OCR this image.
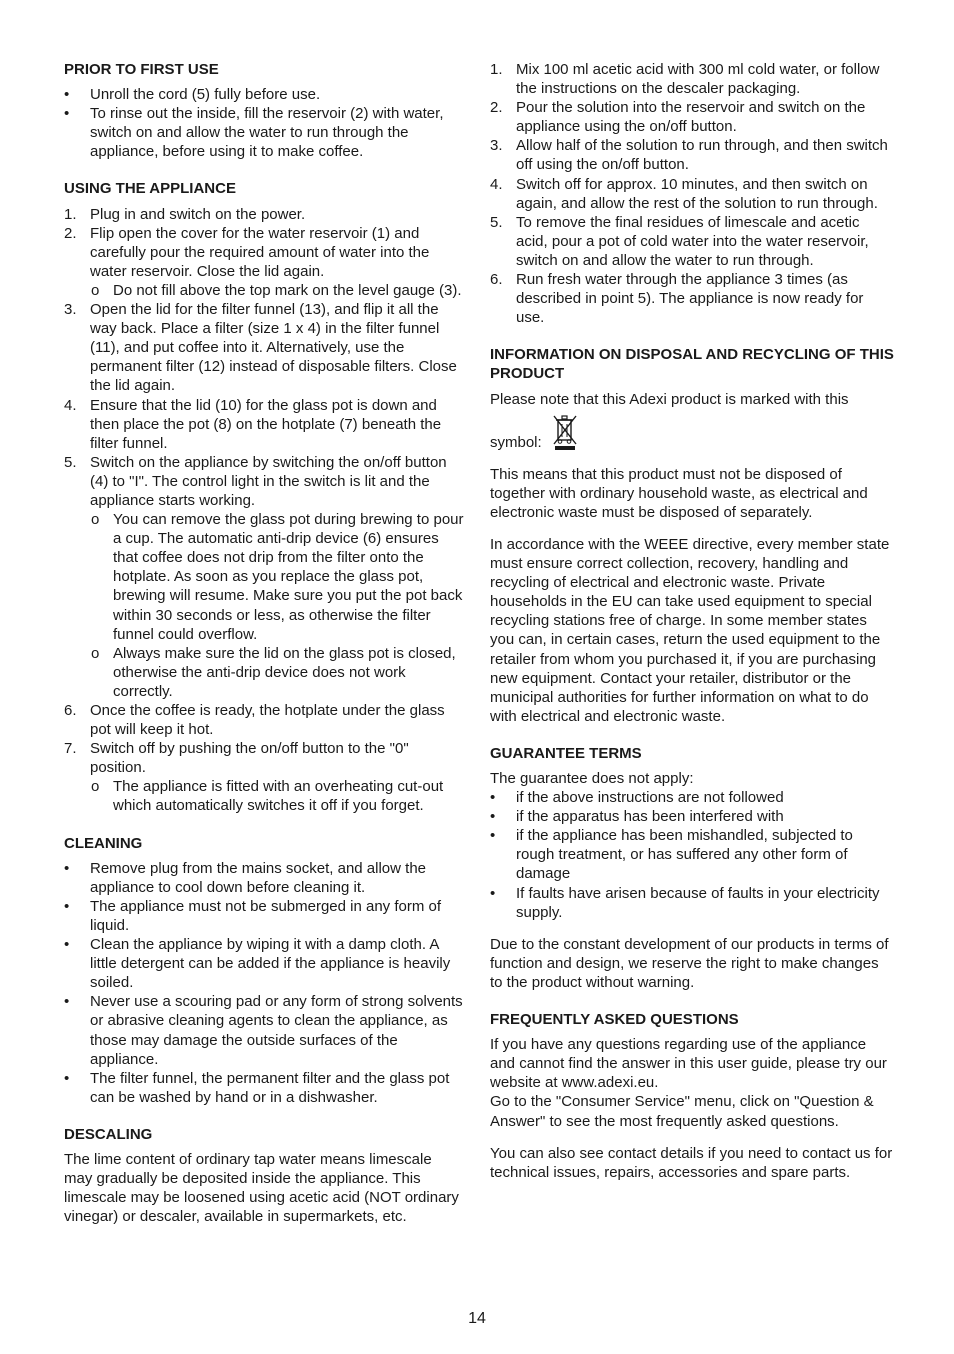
PRIOR TO FIRST USE
• Unroll the cord (5) fully before use.
• To rinse out the inside, fill the reservoir (2) with water, switch on and allow the water to run through the appliance, before using it to make coffee.
USING THE APPLIANCE
1. Plug in and switch on the power.
2. Flip open the cover for the water reservoir (1) and carefully pour the required amount of water into the water reservoir. Close the lid again.
o Do not fill above the top mark on the level gauge (3).
3. Open the lid for the filter funnel (13), and flip it all the way back. Place a filter (size 1 x 4) in the filter funnel (11), and put coffee into it. Alternatively, use the permanent filter (12) instead of disposable filters. Close the lid again.
4. Ensure that the lid (10) for the glass pot is down and then place the pot (8) on the hotplate (7) beneath the filter funnel.
5. Switch on the appliance by switching the on/off button (4) to "I". The control light in the switch is lit and the appliance starts working.
o You can remove the glass pot during brewing to pour a cup. The automatic anti-drip device (6) ensures that coffee does not drip from the filter onto the hotplate. As soon as you replace the glass pot, brewing will resume. Make sure you put the pot back within 30 seconds or less, as otherwise the filter funnel could overflow.
o Always make sure the lid on the glass pot is closed, otherwise the anti-drip device does not work correctly.
6. Once the coffee is ready, the hotplate under the glass pot will keep it hot.
7. Switch off by pushing the on/off button to the "0" position.
o The appliance is fitted with an overheating cut-out which automatically switches it off if you forget.
CLEANING
• Remove plug from the mains socket, and allow the appliance to cool down before cleaning it.
• The appliance must not be submerged in any form of liquid.
• Clean the appliance by wiping it with a damp cloth. A little detergent can be added if the appliance is heavily soiled.
• Never use a scouring pad or any form of strong solvents or abrasive cleaning agents to clean the appliance, as those may damage the outside surfaces of the appliance.
• The filter funnel, the permanent filter and the glass pot can be washed by hand or in a dishwasher.
DESCALING

The lime content of ordinary tap water means limescale may gradually be deposited inside the appliance. This limescale may be loosened using acetic acid (NOT ordinary vinegar) or descaler, available in supermarkets, etc.

1. Mix 100 ml acetic acid with 300 ml cold water, or follow the instructions on the descaler packaging.
2. Pour the solution into the reservoir and switch on the appliance using the on/off button.
3. Allow half of the solution to run through, and then switch off using the on/off button.
4. Switch off for approx. 10 minutes, and then switch on again, and allow the rest of the solution to run through.
5. To remove the final residues of limescale and acetic acid, pour a pot of cold water into the water reservoir, switch on and allow the water to run through.
6. Run fresh water through the appliance 3 times (as described in point 5). The appliance is now ready for use.
INFORMATION ON DISPOSAL AND RECYCLING OF THIS PRODUCT

Please note that this Adexi product is marked with this

symbol:

This means that this product must not be disposed of together with ordinary household waste, as electrical and electronic waste must be disposed of separately.

In accordance with the WEEE directive, every member state must ensure correct collection, recovery, handling and recycling of electrical and electronic waste. Private households in the EU can take used equipment to special recycling stations free of charge. In some member states you can, in certain cases, return the used equipment to the retailer from whom you purchased it, if you are purchasing new equipment. Contact your retailer, distributor or the municipal authorities for further information on what to do with electrical and electronic waste.

GUARANTEE TERMS

The guarantee does not apply:

• if the above instructions are not followed
• if the apparatus has been interfered with
• if the appliance has been mishandled, subjected to rough treatment, or has suffered any other form of damage
• If faults have arisen because of faults in your electricity supply.

Due to the constant development of our products in terms of function and design, we reserve the right to make changes to the product without warning.

FREQUENTLY ASKED QUESTIONS

If you have any questions regarding use of the appliance and cannot find the answer in this user guide, please try our website at www.adexi.eu.

Go to the "Consumer Service" menu, click on "Question & Answer" to see the most frequently asked questions.

You can also see contact details if you need to contact us for technical issues, repairs, accessories and spare parts.

14
